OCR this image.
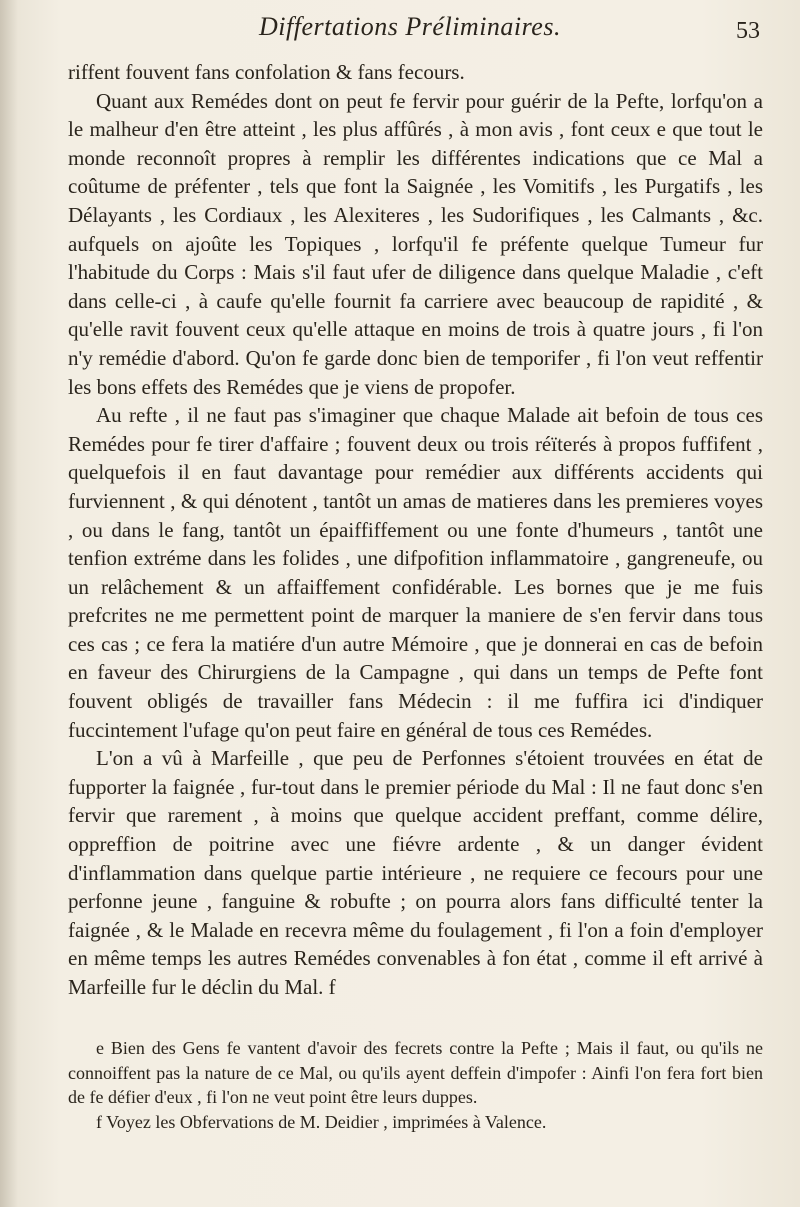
Differtations Préliminaires.	53

riffent fouvent fans confolation & fans fecours.

Quant aux Remédes dont on peut fe fervir pour guérir de la Pefte, lorfqu'on a le malheur d'en être atteint , les plus affûrés , à mon avis , font ceux e que tout le monde reconnoît propres à remplir les différentes indications que ce Mal a coûtume de préfenter , tels que font la Saignée , les Vomitifs , les Purgatifs , les Délayants , les Cordiaux , les Alexiteres , les Sudorifiques , les Calmants , &c. aufquels on ajoûte les Topiques , lorfqu'il fe préfente quelque Tumeur fur l'habitude du Corps : Mais s'il faut ufer de diligence dans quelque Maladie , c'eft dans celle-ci , à caufe qu'elle fournit fa carriere avec beaucoup de rapidité , & qu'elle ravit fouvent ceux qu'elle attaque en moins de trois à quatre jours , fi l'on n'y remédie d'abord. Qu'on fe garde donc bien de temporifer , fi l'on veut reffentir les bons effets des Remédes que je viens de propofer.

Au refte , il ne faut pas s'imaginer que chaque Malade ait befoin de tous ces Remédes pour fe tirer d'affaire ; fouvent deux ou trois réïterés à propos fuffifent , quelquefois il en faut davantage pour remédier aux différents accidents qui furviennent , & qui dénotent , tantôt un amas de matieres dans les premieres voyes , ou dans le fang, tantôt un épaiffiffement ou une fonte d'humeurs , tantôt une tenfion extréme dans les folides , une difpofition inflammatoire , gangreneufe, ou un relâchement & un affaiffement confidérable. Les bornes que je me fuis prefcrites ne me permettent point de marquer la maniere de s'en fervir dans tous ces cas ; ce fera la matiére d'un autre Mémoire , que je donnerai en cas de befoin en faveur des Chirurgiens de la Campagne , qui dans un temps de Pefte font fouvent obligés de travailler fans Médecin : il me fuffira ici d'indiquer fuccintement l'ufage qu'on peut faire en général de tous ces Remédes.

L'on a vû à Marfeille , que peu de Perfonnes s'étoient trouvées en état de fupporter la faignée , fur-tout dans le premier période du Mal : Il ne faut donc s'en fervir que rarement , à moins que quelque accident preffant, comme délire, oppreffion de poitrine avec une fiévre ardente , & un danger évident d'inflammation dans quelque partie intérieure , ne requiere ce fecours pour une perfonne jeune , fanguine & robufte ; on pourra alors fans difficulté tenter la faignée , & le Malade en recevra même du foulagement , fi l'on a foin d'employer en même temps les autres Remédes convenables à fon état , comme il eft arrivé à Marfeille fur le déclin du Mal. f

e Bien des Gens fe vantent d'avoir des fecrets contre la Pefte ; Mais il faut, ou qu'ils ne connoiffent pas la nature de ce Mal, ou qu'ils ayent deffein d'impofer : Ainfi l'on fera fort bien de fe défier d'eux , fi l'on ne veut point être leurs duppes.

f Voyez les Obfervations de M. Deidier , imprimées à Valence.
